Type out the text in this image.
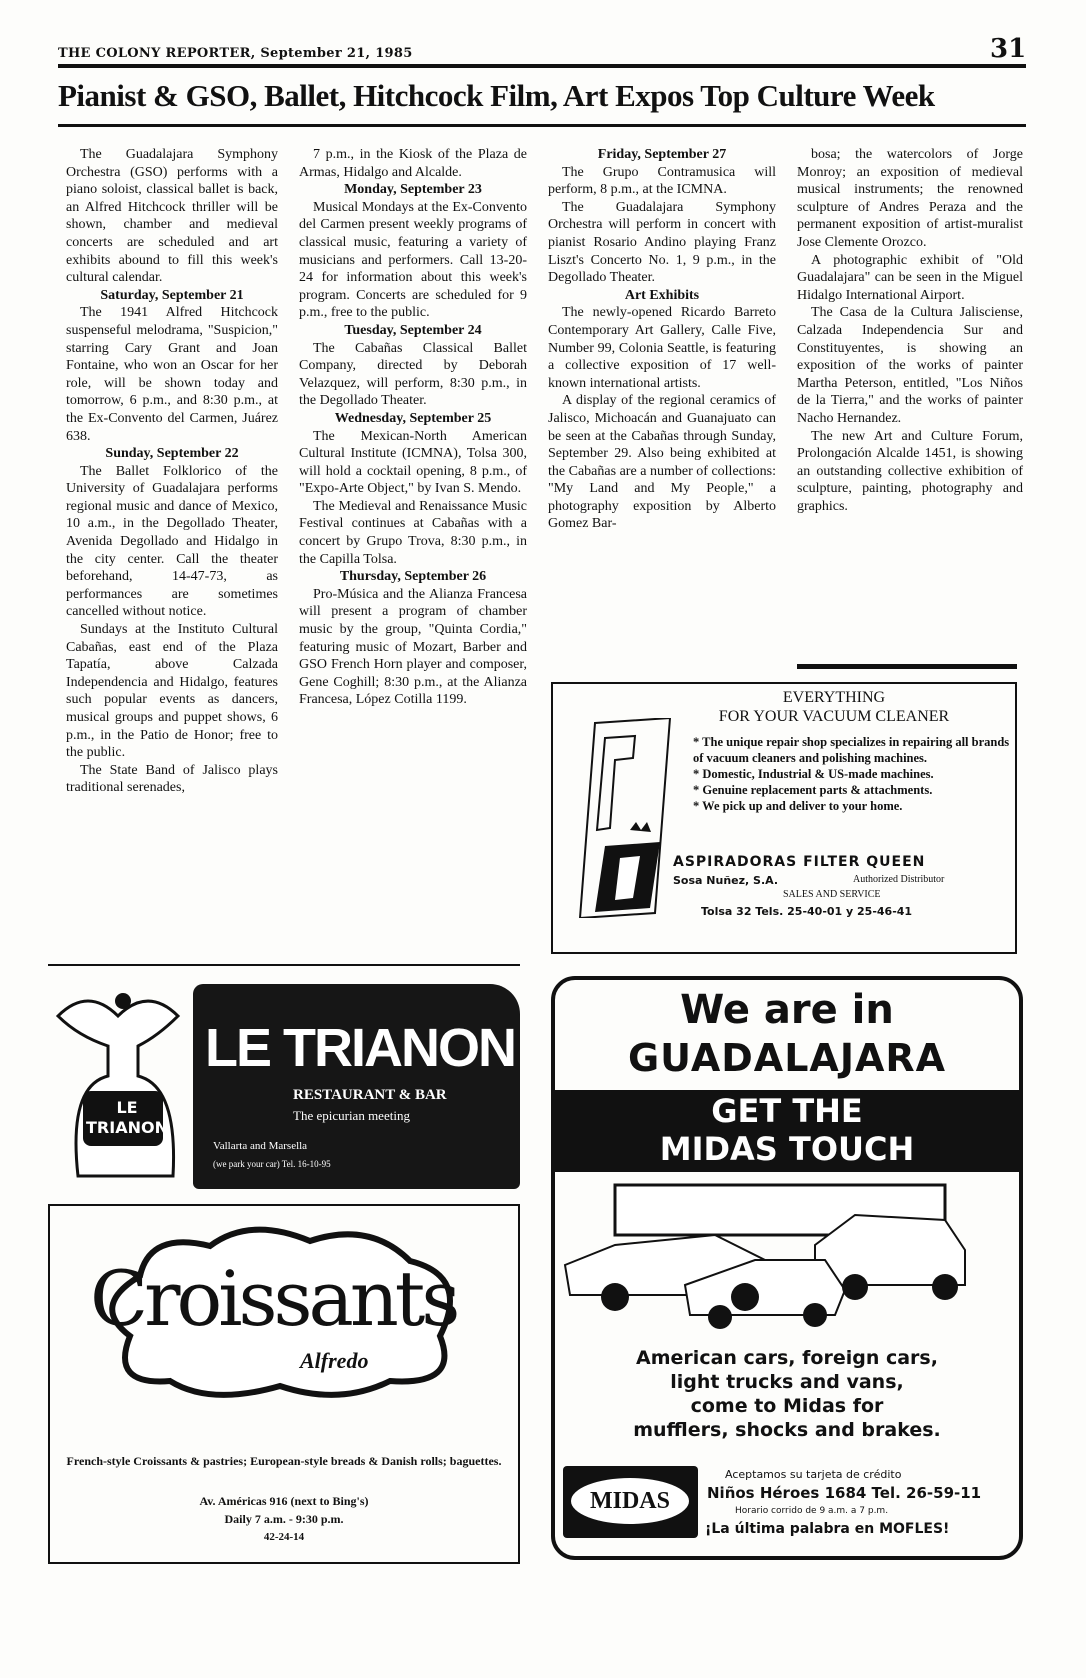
THE COLONY REPORTER, September 21, 1985	31
Pianist & GSO, Ballet, Hitchcock Film, Art Expos Top Culture Week

The Guadalajara Symphony Orchestra (GSO) performs with a piano soloist, classical ballet is back, an Alfred Hitchcock thriller will be shown, chamber and medieval concerts are scheduled and art exhibits abound to fill this week's cultural calendar.

Saturday, September 21

The 1941 Alfred Hitchcock suspenseful melodrama, "Suspicion," starring Cary Grant and Joan Fontaine, who won an Oscar for her role, will be shown today and tomorrow, 6 p.m., and 8:30 p.m., at the Ex-Convento del Carmen, Juárez 638.

Sunday, September 22

The Ballet Folklorico of the University of Guadalajara performs regional music and dance of Mexico, 10 a.m., in the Degollado Theater, Avenida Degollado and Hidalgo in the city center. Call the theater beforehand, 14-47-73, as performances are sometimes cancelled without notice.

Sundays at the Instituto Cultural Cabañas, east end of the Plaza Tapatía, above Calzada Independencia and Hidalgo, features such popular events as dancers, musical groups and puppet shows, 6 p.m., in the Patio de Honor; free to the public.

The State Band of Jalisco plays traditional serenades,

7 p.m., in the Kiosk of the Plaza de Armas, Hidalgo and Alcalde.

Monday, September 23

Musical Mondays at the Ex-Convento del Carmen present weekly programs of classical music, featuring a variety of musicians and performers. Call 13-20-24 for information about this week's program. Concerts are scheduled for 9 p.m., free to the public.

Tuesday, September 24

The Cabañas Classical Ballet Company, directed by Deborah Velazquez, will perform, 8:30 p.m., in the Degollado Theater.

Wednesday, September 25

The Mexican-North American Cultural Institute (ICMNA), Tolsa 300, will hold a cocktail opening, 8 p.m., of "Expo-Arte Object," by Ivan S. Mendo.

The Medieval and Renaissance Music Festival continues at Cabañas with a concert by Grupo Trova, 8:30 p.m., in the Capilla Tolsa.

Thursday, September 26

Pro-Música and the Alianza Francesa will present a program of chamber music by the group, "Quinta Cordia," featuring music of Mozart, Barber and GSO French Horn player and composer, Gene Coghill; 8:30 p.m., at the Alianza Francesa, López Cotilla 1199.

Friday, September 27

The Grupo Contramusica will perform, 8 p.m., at the ICMNA.

The Guadalajara Symphony Orchestra will perform in concert with pianist Rosario Andino playing Franz Liszt's Concerto No. 1, 9 p.m., in the Degollado Theater.

Art Exhibits

The newly-opened Ricardo Barreto Contemporary Art Gallery, Calle Five, Number 99, Colonia Seattle, is featuring a collective exposition of 17 well-known international artists.

A display of the regional ceramics of Jalisco, Michoacán and Guanajuato can be seen at the Cabañas through Sunday, September 29. Also being exhibited at the Cabañas are a number of collections: "My Land and My People," a photography exposition by Alberto Gomez Bar-

bosa; the watercolors of Jorge Monroy; an exposition of medieval musical instruments; the renowned sculpture of Andres Peraza and the permanent exposition of artist-muralist Jose Clemente Orozco.

A photographic exhibit of "Old Guadalajara" can be seen in the Miguel Hidalgo International Airport.

The Casa de la Cultura Jalisciense, Calzada Independencia Sur and Constituyentes, is showing an exposition of the works of painter Martha Peterson, entitled, "Los Niños de la Tierra," and the works of painter Nacho Hernandez.

The new Art and Culture Forum, Prolongación Alcalde 1451, is showing an outstanding collective exhibition of sculpture, painting, photography and graphics.

EVERYTHING
FOR YOUR VACUUM CLEANER
* The unique repair shop specializes in repairing all brands of vacuum cleaners and polishing machines.
* Domestic, Industrial & US-made machines.
* Genuine replacement parts & attachments.
* We pick up and deliver to your home.
ASPIRADORAS FILTER QUEEN
Sosa Nuñez, S.A.	Authorized Distributor
SALES AND SERVICE
Tolsa 32 Tels. 25-40-01 y 25-46-41
LE TRIANON
RESTAURANT & BAR
The epicurian meeting
Vallarta and Marsella
(we park your car) Tel. 16-10-95
LE TRIANON
Croissants
Alfredo
French-style Croissants & pastries; European-style breads & Danish rolls; baguettes.
Av. Américas 916 (next to Bing's)
Daily 7 a.m. - 9:30 p.m.
42-24-14
We are in
GUADALAJARA
GET THE
MIDAS TOUCH
American cars, foreign cars,
light trucks and vans,
come to Midas for
mufflers, shocks and brakes.
MIDAS
Aceptamos su tarjeta de crédito
Niños Héroes 1684 Tel. 26-59-11
Horario corrido de 9 a.m. a 7 p.m.
¡La última palabra en MOFLES!
